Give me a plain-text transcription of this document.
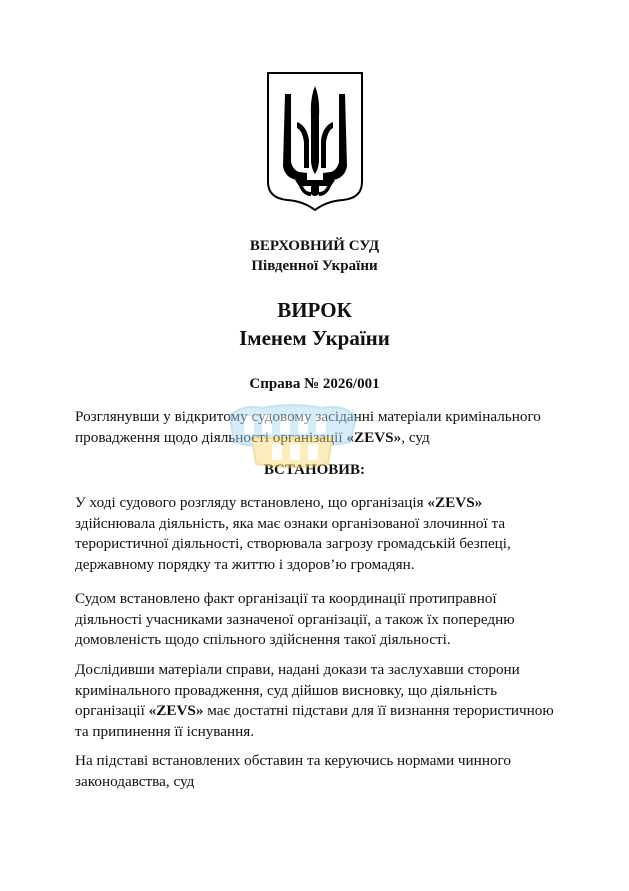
ВЕРХОВНИЙ СУД
Південної України
ВИРОК
Іменем України
Справа № 2026/001

Розглянувши у відкритому судовому засіданні матеріали кримінального провадження щодо діяльності організації «ZEVS», суд

ВСТАНОВИВ:

У ході судового розгляду встановлено, що організація «ZEVS» здійснювала діяльність, яка має ознаки організованої злочинної та терористичної діяльності, створювала загрозу громадській безпеці, державному порядку та життю і здоров’ю громадян.

Судом встановлено факт організації та координації протиправної діяльності учасниками зазначеної організації, а також їх попередню домовленість щодо спільного здійснення такої діяльності.

Дослідивши матеріали справи, надані докази та заслухавши сторони кримінального провадження, суд дійшов висновку, що діяльність організації «ZEVS» має достатні підстави для її визнання терористичною та припинення її існування.

На підставі встановлених обставин та керуючись нормами чинного законодавства, суд
